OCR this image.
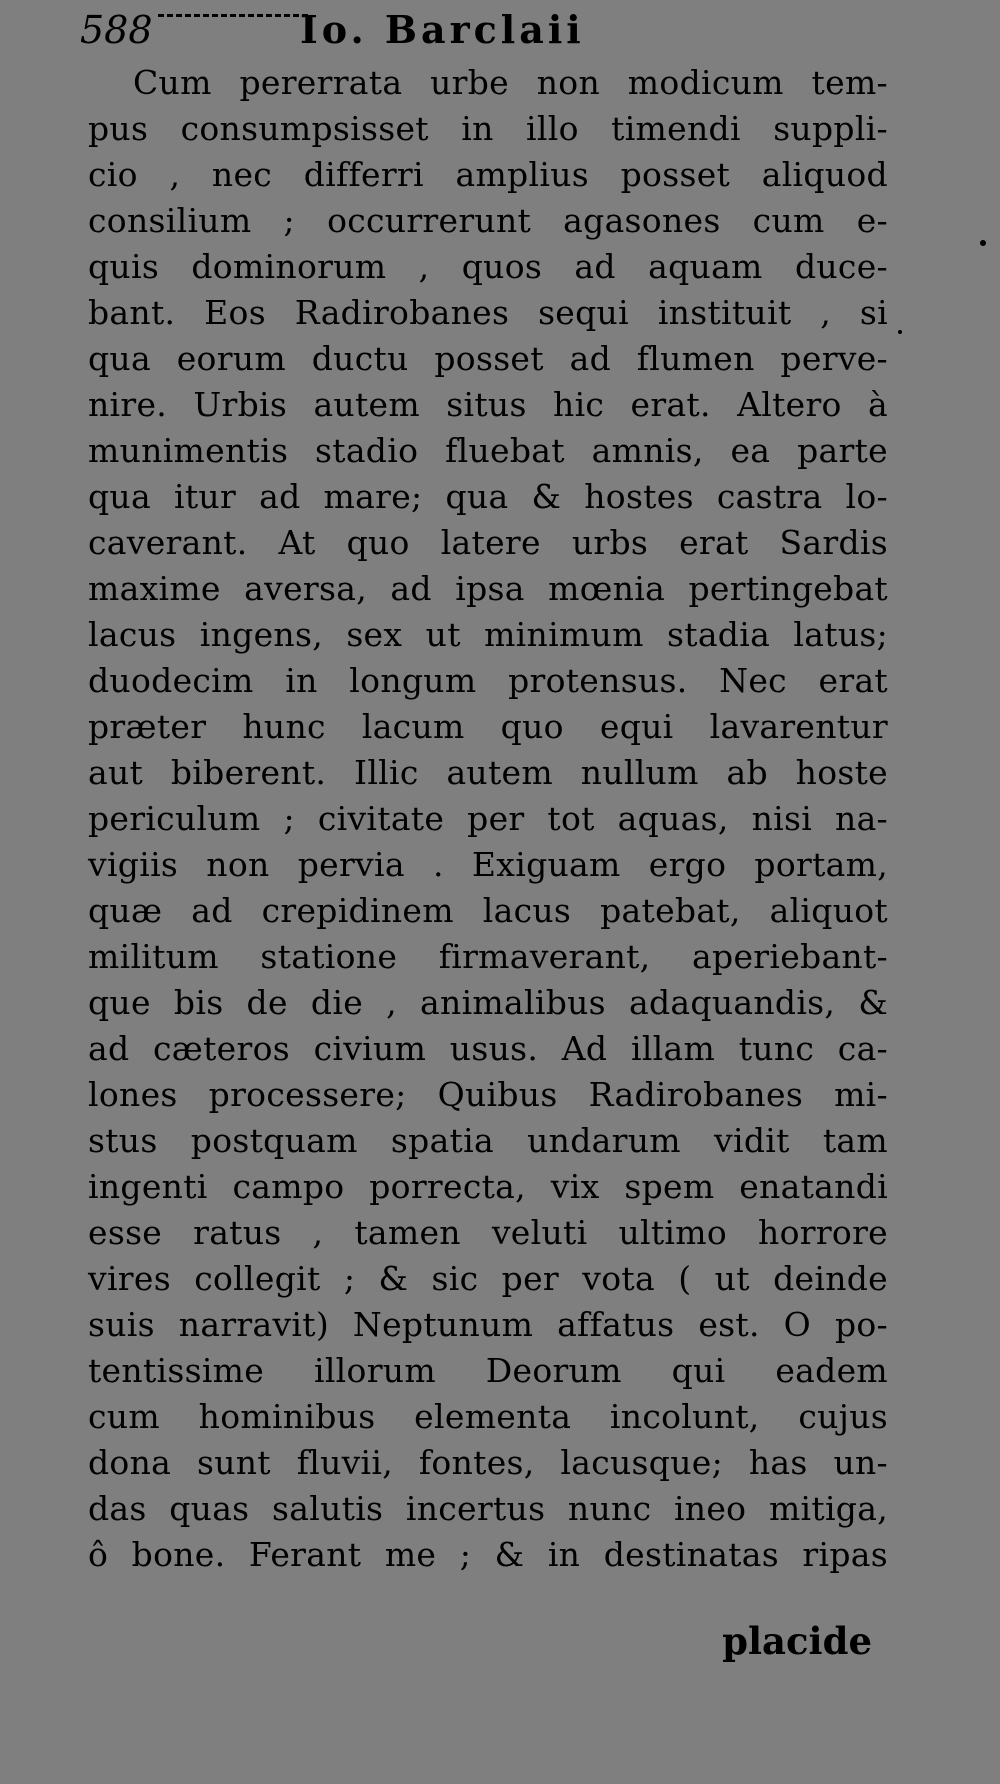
588	Io. Barclaii
Cum pererrata urbe non modicum tem-
pus consumpsisset in illo timendi suppli-
cio , nec differri amplius posset aliquod
consilium ; occurrerunt agasones cum e-
quis dominorum , quos ad aquam duce-
bant. Eos Radirobanes sequi instituit , si
qua eorum ductu posset ad flumen perve-
nire. Urbis autem situs hic erat. Altero à
munimentis stadio fluebat amnis, ea parte
qua itur ad mare; qua & hostes castra lo-
caverant. At quo latere urbs erat Sardis
maxime aversa, ad ipsa mœnia pertingebat
lacus ingens, sex ut minimum stadia latus;
duodecim in longum protensus. Nec erat
præter hunc lacum quo equi lavarentur
aut biberent. Illic autem nullum ab hoste
periculum ; civitate per tot aquas, nisi na-
vigiis non pervia . Exiguam ergo portam,
quæ ad crepidinem lacus patebat, aliquot
militum statione firmaverant, aperiebant-
que bis de die , animalibus adaquandis, &
ad cæteros civium usus. Ad illam tunc ca-
lones processere; Quibus Radirobanes mi-
stus postquam spatia undarum vidit tam
ingenti campo porrecta, vix spem enatandi
esse ratus , tamen veluti ultimo horrore
vires collegit ; & sic per vota ( ut deinde
suis narravit) Neptunum affatus est. O po-
tentissime illorum Deorum qui eadem
cum hominibus elementa incolunt, cujus
dona sunt fluvii, fontes, lacusque; has un-
das quas salutis incertus nunc ineo mitiga,
ô bone. Ferant me ; & in destinatas ripas
placide
